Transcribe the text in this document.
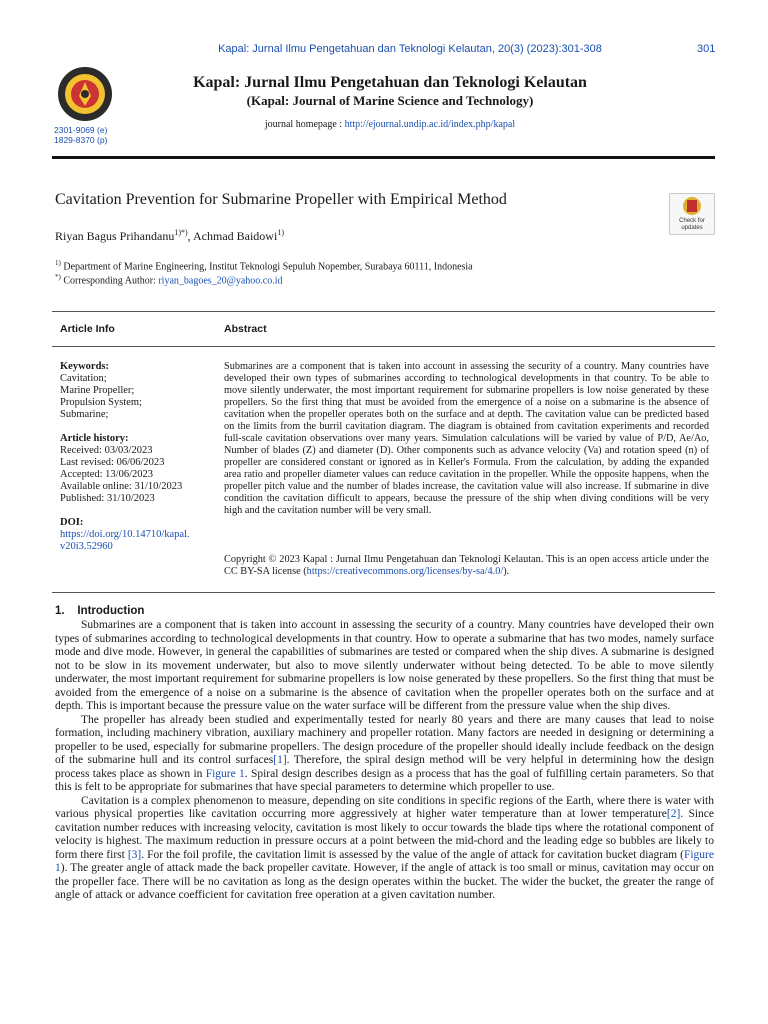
Kapal: Jurnal Ilmu Pengetahuan dan Teknologi Kelautan, 20(3) (2023):301-308	301
2301-9069 (e)
1829-8370 (p)
Kapal: Jurnal Ilmu Pengetahuan dan Teknologi Kelautan
(Kapal: Journal of Marine Science and Technology)
journal homepage : http://ejournal.undip.ac.id/index.php/kapal
Cavitation Prevention for Submarine Propeller with Empirical Method
Check for
updates
Riyan Bagus Prihandanu$^{1)*)}$, Achmad Baidowi$^{1)}$
$^{1)}$ Department of Marine Engineering, Institut Teknologi Sepuluh Nopember, Surabaya 60111, Indonesia
*) Corresponding Author: riyan_bagoes_20@yahoo.co.id
Article Info	Abstract
Keywords:
Cavitation;
Marine Propeller;
Propulsion System;
Submarine;
Article history:
Received: 03/03/2023
Last revised: 06/06/2023
Accepted: 13/06/2023
Available online: 31/10/2023
Published: 31/10/2023
DOI:
https://doi.org/10.14710/kapal.
v20i3.52960
Submarines are a component that is taken into account in assessing the security of a country. Many countries have developed their own types of submarines according to technological developments in that country. To be able to move silently underwater, the most important requirement for submarine propellers is low noise generated by these propellers. So the first thing that must be avoided from the emergence of a noise on a submarine is the absence of cavitation when the propeller operates both on the surface and at depth. The cavitation value can be predicted based on the limits from the burril cavitation diagram. The diagram is obtained from cavitation experiments and recorded full-scale cavitation observations over many years. Simulation calculations will be varied by value of P/D, Ae/Ao, Number of blades (Z) and diameter (D). Other components such as advance velocity (Va) and rotation speed (n) of propeller are considered constant or ignored as in Keller's Formula. From the calculation, by adding the expanded area ratio and propeller diameter values can reduce cavitation in the propeller. While the opposite happens, when the propeller pitch value and the number of blades increase, the cavitation value will also increase. If submarine in dive condition the cavitation difficult to appears, because the pressure of the ship when diving conditions will be very high and the cavitation number will be very small.
Copyright © 2023 Kapal : Jurnal Ilmu Pengetahuan dan Teknologi Kelautan. This is an open access article under the CC BY-SA license (https://creativecommons.org/licenses/by-sa/4.0/).
1.    Introduction

Submarines are a component that is taken into account in assessing the security of a country. Many countries have developed their own types of submarines according to technological developments in that country. How to operate a submarine that has two modes, namely surface mode and dive mode. However, in general the capabilities of submarines are tested or compared when the ship dives. A submarine is designed not to be slow in its movement underwater, but also to move silently underwater without being detected. To be able to move silently underwater, the most important requirement for submarine propellers is low noise generated by these propellers. So the first thing that must be avoided from the emergence of a noise on a submarine is the absence of cavitation when the propeller operates both on the surface and at depth. This is important because the pressure value on the water surface will be different from the pressure value when the ship dives.

The propeller has already been studied and experimentally tested for nearly 80 years and there are many causes that lead to noise formation, including machinery vibration, auxiliary machinery and propeller rotation. Many factors are needed in designing or determining a propeller to be used, especially for submarine propellers. The design procedure of the propeller should ideally include feedback on the design of the submarine hull and its control surfaces[1]. Therefore, the spiral design method will be very helpful in determining how the design process takes place as shown in Figure 1. Spiral design describes design as a process that has the goal of fulfilling certain parameters. So that this is felt to be appropriate for submarines that have special parameters to determine which propeller to use.

Cavitation is a complex phenomenon to measure, depending on site conditions in specific regions of the Earth, where there is water with various physical properties like cavitation occurring more aggressively at higher water temperature than at lower temperature[2]. Since cavitation number reduces with increasing velocity, cavitation is most likely to occur towards the blade tips where the rotational component of velocity is highest. The maximum reduction in pressure occurs at a point between the mid-chord and the leading edge so bubbles are likely to form there first [3]. For the foil profile, the cavitation limit is assessed by the value of the angle of attack for cavitation bucket diagram (Figure 1). The greater angle of attack made the back propeller cavitate. However, if the angle of attack is too small or minus, cavitation may occur on the propeller face. There will be no cavitation as long as the design operates within the bucket. The wider the bucket, the greater the range of angle of attack or advance coefficient for cavitation free operation at a given cavitation number.
